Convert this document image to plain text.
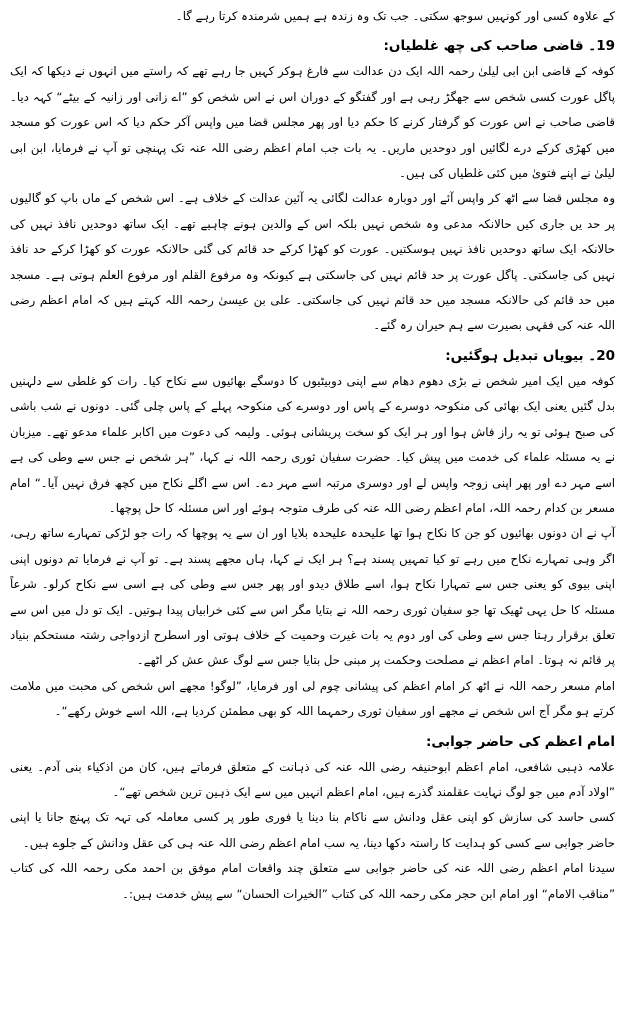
کے علاوہ کسی اور کونہیں سوجھ سکتی۔ جب تک وہ زندہ ہے ہمیں شرمندہ کرتا رہے گا۔

19۔ قاضی صاحب کی چھ غلطیاں:

کوفہ کے قاضی ابن ابی لیلیٰ رحمہ اللہ ایک دن عدالت سے فارغ ہوکر کہیں جا رہے تھے کہ راستے میں انہوں نے دیکھا کہ ایک پاگل عورت کسی شخص سے جھگڑ رہی ہے اور گفتگو کے دوران اس نے اس شخص کو ”اے زانی اور زانیہ کے بیٹے“ کہہ دیا۔ قاضی صاحب نے اس عورت کو گرفتار کرنے کا حکم دیا اور پھر مجلس قضا میں واپس آکر حکم دیا کہ اس عورت کو مسجد میں کھڑی کرکے درے لگائیں اور دوحدیں ماریں۔ یہ بات جب امام اعظم رضی اللہ عنہ تک پہنچی تو آپ نے فرمایا، ابن ابی لیلیٰ نے اپنے فتویٰ میں کئی غلطیاں کی ہیں۔

وہ مجلس قضا سے اٹھ کر واپس آئے اور دوبارہ عدالت لگائی یہ آئین عدالت کے خلاف ہے۔ اس شخص کے ماں باپ کو گالیوں پر حد یں جاری کیں حالانکہ مدعی وہ شخص نہیں بلکہ اس کے والدین ہونے چاہیے تھے۔ ایک ساتھ دوحدیں نافذ نہیں کی حالانکہ ایک ساتھ دوحدیں نافذ نہیں ہوسکتیں۔ عورت کو کھڑا کرکے حد قائم کی گئی حالانکہ عورت کو کھڑا کرکے حد نافذ نہیں کی جاسکتی۔ پاگل عورت پر حد قائم نہیں کی جاسکتی ہے کیونکہ وہ مرفوع القلم اور مرفوع العلم ہوتی ہے۔ مسجد میں حد قائم کی حالانکہ مسجد میں حد قائم نہیں کی جاسکتی۔ علی بن عیسیٰ رحمہ اللہ کہتے ہیں کہ امام اعظم رضی اللہ عنہ کی فقہی بصیرت سے ہم حیران رہ گئے۔

20۔ بیویاں تبدیل ہوگئیں:

کوفہ میں ایک امیر شخص نے بڑی دھوم دھام سے اپنی دوبیٹیوں کا دوسگے بھائیوں سے نکاح کیا۔ رات کو غلطی سے دلہنیں بدل گئیں یعنی ایک بھائی کی منکوحہ دوسرے کے پاس اور دوسرے کی منکوحہ پہلے کے پاس چلی گئی۔ دونوں نے شب باشی کی صبح ہوئی تو یہ راز فاش ہوا اور ہر ایک کو سخت پریشانی ہوئی۔ ولیمہ کی دعوت میں اکابر علماء مدعو تھے۔ میزبان نے یہ مسئلہ علماء کی خدمت میں پیش کیا۔ حضرت سفیان ثوری رحمہ اللہ نے کہا، ”ہر شخص نے جس سے وطی کی ہے اسے مہر دے اور پھر اپنی زوجہ واپس لے اور دوسری مرتبہ اسے مہر دے۔ اس سے اگلے نکاح میں کچھ فرق نہیں آیا۔“ امام مسعر بن کدام رحمہ اللہ، امام اعظم رضی اللہ عنہ کی طرف متوجہ ہوئے اور اس مسئلہ کا حل پوچھا۔

آپ نے ان دونوں بھائیوں کو جن کا نکاح ہوا تھا علیحدہ علیحدہ بلایا اور ان سے یہ پوچھا کہ رات جو لڑکی تمہارے ساتھ رہی، اگر وہی تمہارے نکاح میں رہے تو کیا تمہیں پسند ہے؟ ہر ایک نے کہا، ہاں مجھے پسند ہے۔ تو آپ نے فرمایا تم دونوں اپنی اپنی بیوی کو یعنی جس سے تمہارا نکاح ہوا، اسے طلاق دیدو اور پھر جس سے وطی کی ہے اسی سے نکاح کرلو۔ شرعاً مسئلہ کا حل یہی ٹھیک تھا جو سفیان ثوری رحمہ اللہ نے بتایا مگر اس سے کئی خرابیاں پیدا ہوتیں۔ ایک تو دل میں اس سے تعلق برقرار رہتا جس سے وطی کی اور دوم یہ بات غیرت وحمیت کے خلاف ہوتی اور اسطرح ازدواجی رشتہ مستحکم بنیاد پر قائم نہ ہوتا۔ امام اعظم نے مصلحت وحکمت پر مبنی حل بتایا جس سے لوگ عش عش کر اٹھے۔

امام مسعر رحمہ اللہ نے اٹھ کر امام اعظم کی پیشانی چوم لی اور فرمایا، ”لوگو! مجھے اس شخص کی محبت میں ملامت کرتے ہو مگر آج اس شخص نے مجھے اور سفیان ثوری رحمہما اللہ کو بھی مطمئن کردیا ہے، اللہ اسے خوش رکھے“۔

امام اعظم کی حاضر جوابی:

علامہ ذہبی شافعی، امام اعظم ابوحنیفہ رضی اللہ عنہ کی ذہانت کے متعلق فرماتے ہیں، کان من اذکیاء بنی آدم۔ یعنی ”اولاد آدم میں جو لوگ نہایت عقلمند گذرے ہیں، امام اعظم انہیں میں سے ایک ذہین ترین شخص تھے“۔

کسی حاسد کی سازش کو اپنی عقل ودانش سے ناکام بنا دینا یا فوری طور پر کسی معاملہ کی تہہ تک پہنچ جانا یا اپنی حاضر جوابی سے کسی کو ہدایت کا راستہ دکھا دینا، یہ سب امام اعظم رضی اللہ عنہ ہی کی عقل ودانش کے جلوے ہیں۔

سیدنا امام اعظم رضی اللہ عنہ کی حاضر جوابی سے متعلق چند واقعات امام موفق بن احمد مکی رحمہ اللہ کی کتاب ”مناقب الامام“ اور امام ابن حجر مکی رحمہ اللہ کی کتاب ”الخیرات الحسان“ سے پیش خدمت ہیں:۔
